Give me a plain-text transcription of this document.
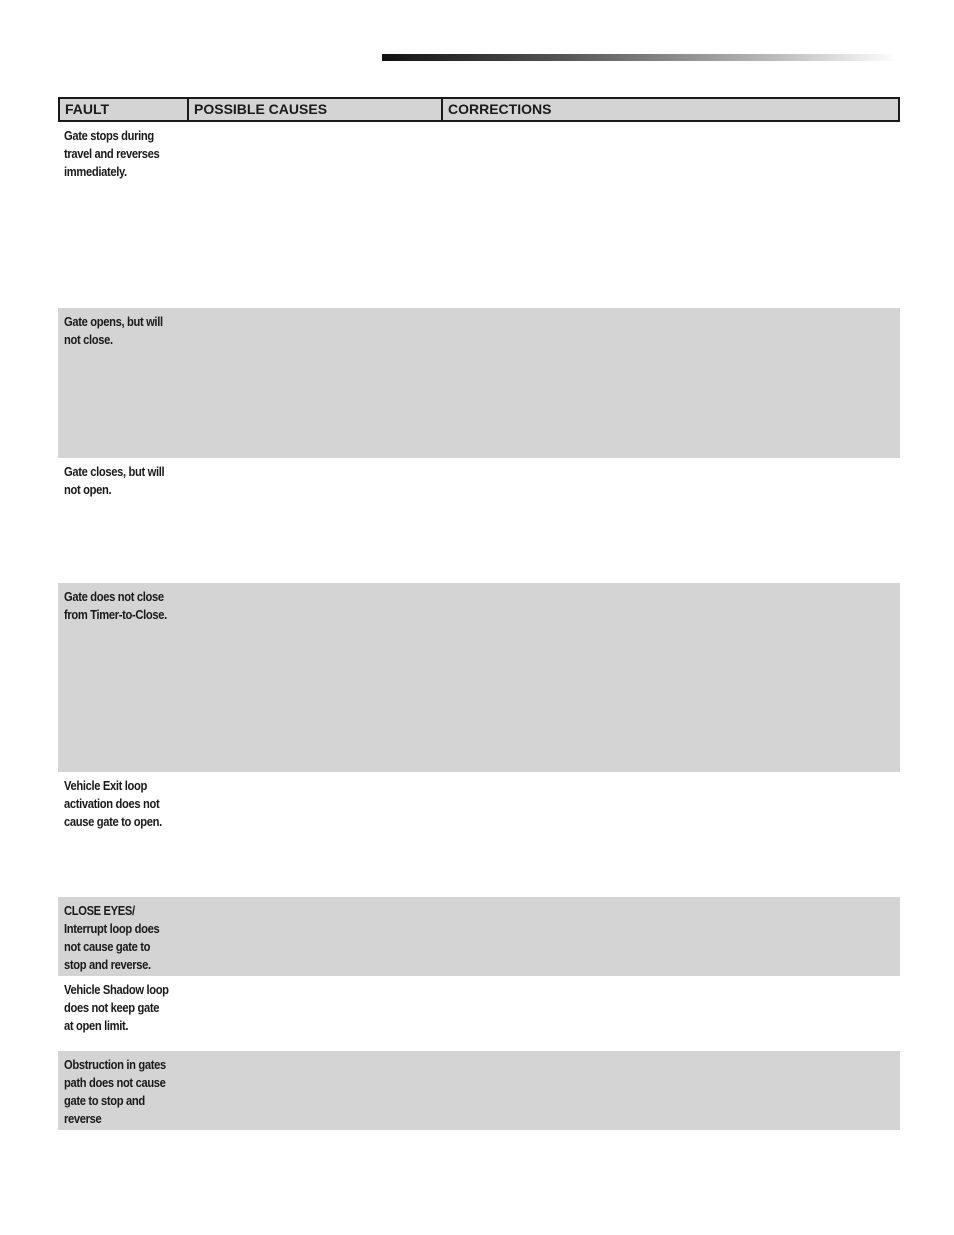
FAULT	POSSIBLE CAUSES	CORRECTIONS
Gate stops during
travel and reverses
immediately.
Gate opens, but will
not close.
Gate closes, but will
not open.
Gate does not close
from Timer-to-Close.
Vehicle Exit loop
activation does not
cause gate to open.
CLOSE EYES/
Interrupt loop does
not cause gate to
stop and reverse.
Vehicle Shadow loop
does not keep gate
at open limit.
Obstruction in gates
path does not cause
gate to stop and
reverse
